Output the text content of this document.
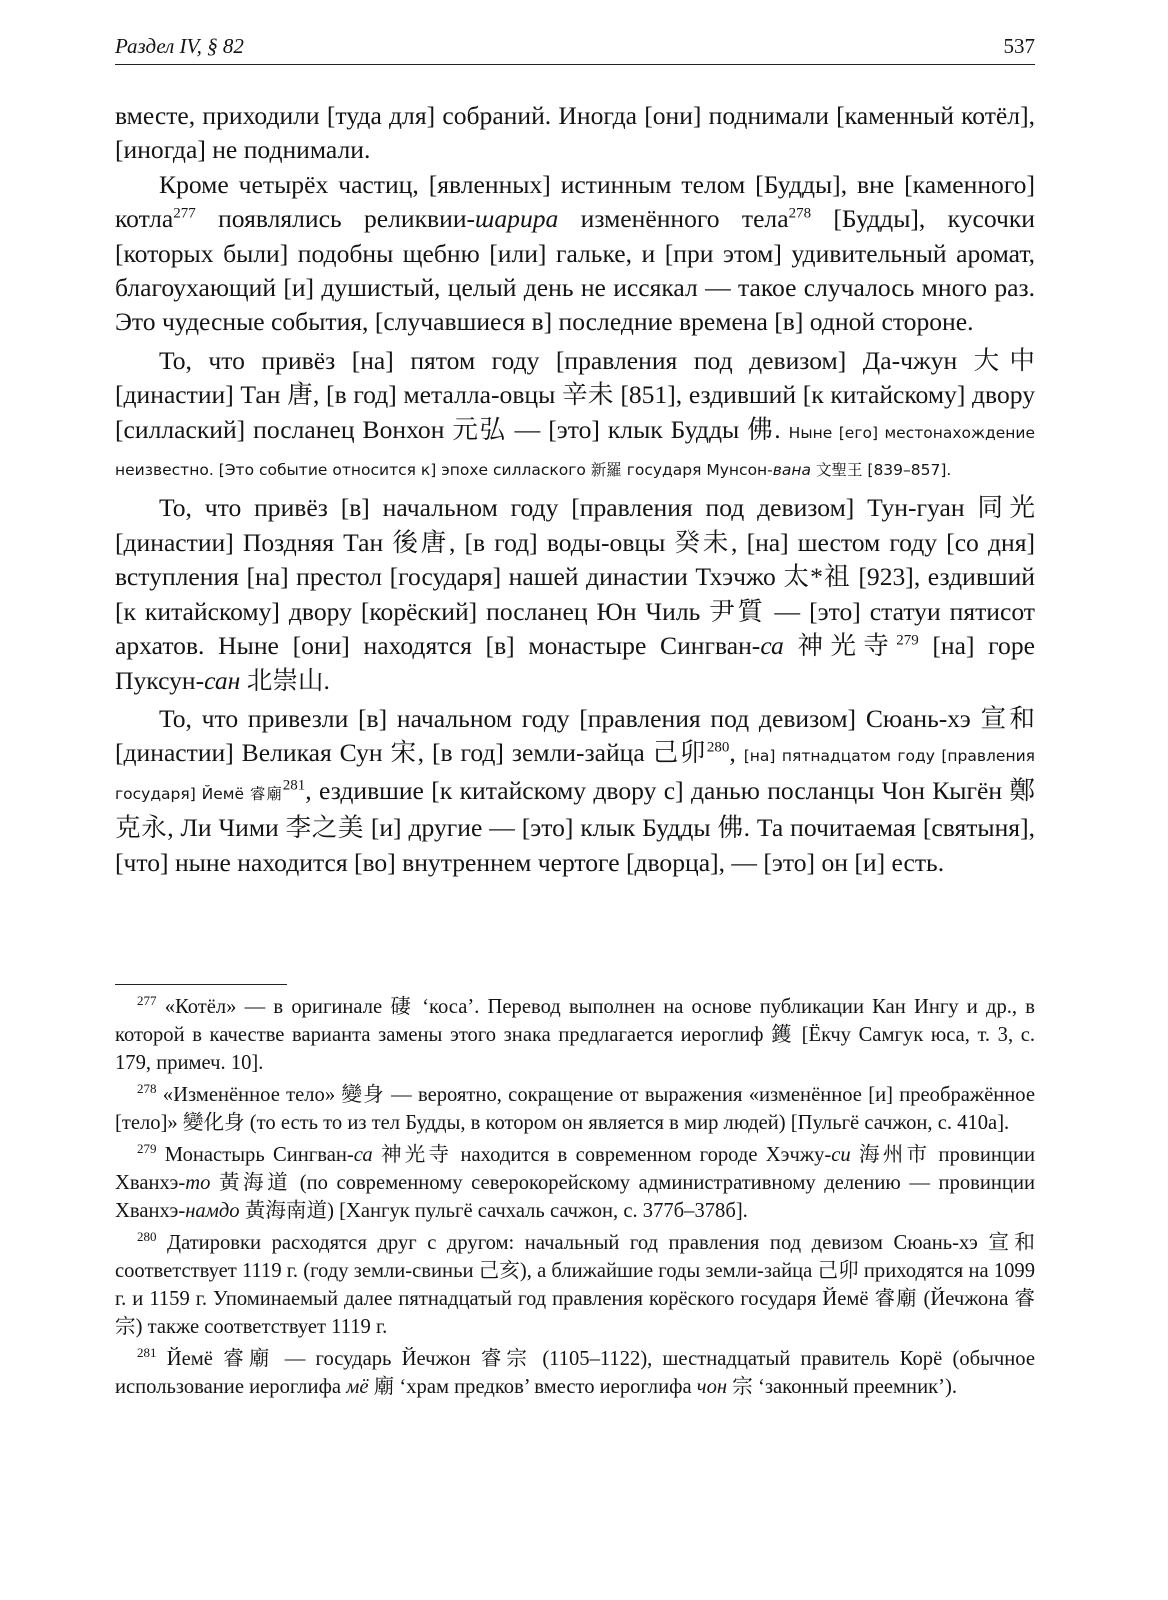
Раздел IV, § 82	537

вместе, приходили [туда для] собраний. Иногда [они] поднимали [каменный котёл], [иногда] не поднимали.

Кроме четырёх частиц, [явленных] истинным телом [Будды], вне [каменного] котла$^{277}$ появлялись реликвии-шарира изменённого тела$^{278}$ [Будды], кусочки [которых были] подобны щебню [или] гальке, и [при этом] удивительный аромат, благоухающий [и] душистый, целый день не иссякал — такое случалось много раз. Это чудесные события, [случавшиеся в] последние времена [в] одной стороне.

То, что привёз [на] пятом году [правления под девизом] Да-чжун 大中 [династии] Тан 唐, [в год] металла-овцы 辛未 [851], ездивший [к китайскому] двору [силлаский] посланец Вонхон 元弘 — [это] клык Будды 佛. Ныне [его] местонахождение неизвестно. [Это событие относится к] эпохе силлаского 新羅 государя Мунсон-вана 文聖王 [839–857].

То, что привёз [в] начальном году [правления под девизом] Тун-гуан 同光 [династии] Поздняя Тан 後唐, [в год] воды-овцы 癸未, [на] шестом году [со дня] вступления [на] престол [государя] нашей династии Тхэчжо 太*祖 [923], ездивший [к китайскому] двору [корёский] посланец Юн Чиль 尹質 — [это] статуи пятисот архатов. Ныне [они] находятся [в] монастыре Сингван-са 神光寺$^{279}$ [на] горе Пуксун-сан 北崇山.

То, что привезли [в] начальном году [правления под девизом] Сюань-хэ 宣和 [династии] Великая Сун 宋, [в год] земли-зайца 己卯$^{280}$, [на] пятнадцатом году [правления государя] Йемё 睿廟$^{281}$, ездившие [к китайскому двору с] данью посланцы Чон Кыгён 鄭克永, Ли Чими 李之美 [и] другие — [это] клык Будды 佛. Та почитаемая [святыня], [что] ныне находится [во] внутреннем чертоге [дворца], — [это] он [и] есть.

$^{277}$ «Котёл» — в оригинале 䃀 ‘коса’. Перевод выполнен на основе публикации Кан Ингу и др., в которой в качестве варианта замены этого знака предлагается иероглиф 鑊 [Ёкчу Самгук юса, т. 3, с. 179, примеч. 10].

$^{278}$ «Изменённое тело» 變身 — вероятно, сокращение от выражения «изменённое [и] преображённое [тело]» 變化身 (то есть то из тел Будды, в котором он является в мир людей) [Пульгё сачжон, с. 410а].

$^{279}$ Монастырь Сингван-са 神光寺 находится в современном городе Хэчжу-си 海州市 провинции Хванхэ-то 黃海道 (по современному северокорейскому административному делению — провинции Хванхэ-намдо 黃海南道) [Хангук пульгё сачхаль сачжон, с. 377б–378б].

$^{280}$ Датировки расходятся друг с другом: начальный год правления под девизом Сюань-хэ 宣和 соответствует 1119 г. (году земли-свиньи 己亥), а ближайшие годы земли-зайца 己卯 приходятся на 1099 г. и 1159 г. Упоминаемый далее пятнадцатый год правления корёского государя Йемё 睿廟 (Йечжона 睿宗) также соответствует 1119 г.

$^{281}$ Йемё 睿廟 — государь Йечжон 睿宗 (1105–1122), шестнадцатый правитель Корё (обычное использование иероглифа мё 廟 ‘храм предков’ вместо иероглифа чон 宗 ‘законный преемник’).
